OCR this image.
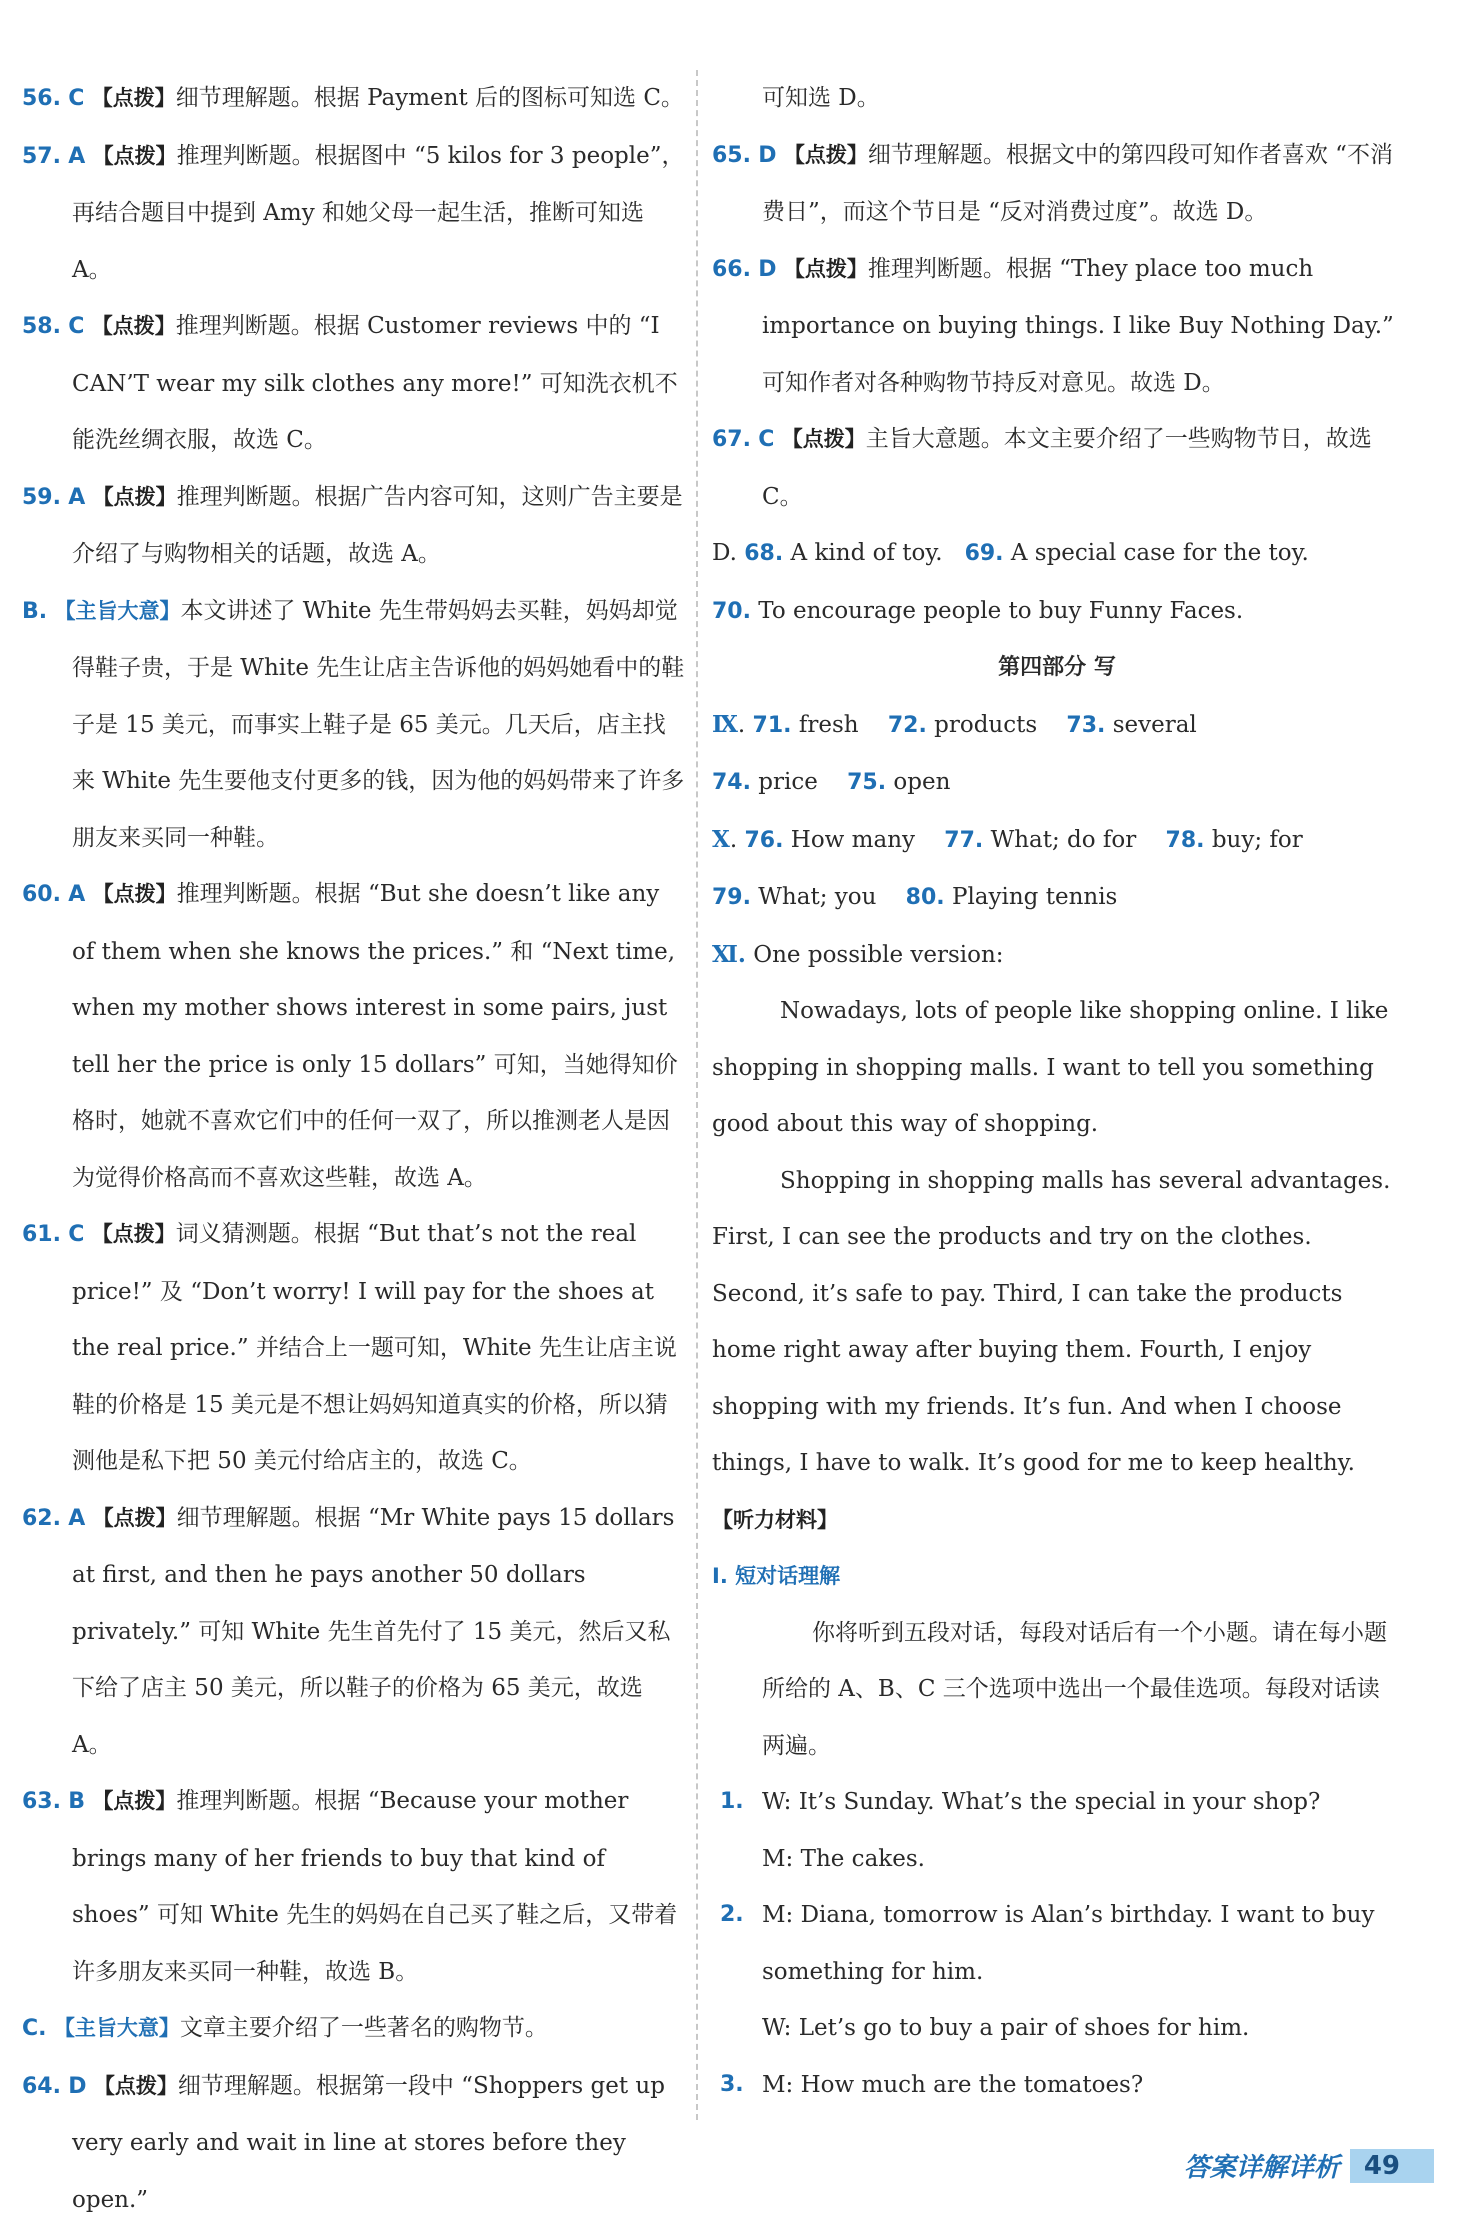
56. C 【点拨】细节理解题。根据 Payment 后的图标可知选 C。

57. A 【点拨】推理判断题。根据图中 “5 kilos for 3 people”，再结合题目中提到 Amy 和她父母一起生活，推断可知选 A。

58. C 【点拨】推理判断题。根据 Customer reviews 中的 “I CAN’T wear my silk clothes any more!” 可知洗衣机不能洗丝绸衣服，故选 C。

59. A 【点拨】推理判断题。根据广告内容可知，这则广告主要是介绍了与购物相关的话题，故选 A。

B. 【主旨大意】本文讲述了 White 先生带妈妈去买鞋，妈妈却觉得鞋子贵，于是 White 先生让店主告诉他的妈妈她看中的鞋子是 15 美元，而事实上鞋子是 65 美元。几天后，店主找来 White 先生要他支付更多的钱，因为他的妈妈带来了许多朋友来买同一种鞋。

60. A 【点拨】推理判断题。根据 “But she doesn’t like any of them when she knows the prices.” 和 “Next time, when my mother shows interest in some pairs, just tell her the price is only 15 dollars” 可知，当她得知价格时，她就不喜欢它们中的任何一双了，所以推测老人是因为觉得价格高而不喜欢这些鞋，故选 A。

61. C 【点拨】词义猜测题。根据 “But that’s not the real price!” 及 “Don’t worry! I will pay for the shoes at the real price.” 并结合上一题可知，White 先生让店主说鞋的价格是 15 美元是不想让妈妈知道真实的价格，所以猜测他是私下把 50 美元付给店主的，故选 C。

62. A 【点拨】细节理解题。根据 “Mr White pays 15 dollars at first, and then he pays another 50 dollars privately.” 可知 White 先生首先付了 15 美元，然后又私下给了店主 50 美元，所以鞋子的价格为 65 美元，故选 A。

63. B 【点拨】推理判断题。根据 “Because your mother brings many of her friends to buy that kind of shoes” 可知 White 先生的妈妈在自己买了鞋之后，又带着许多朋友来买同一种鞋，故选 B。

C. 【主旨大意】文章主要介绍了一些著名的购物节。

64. D 【点拨】细节理解题。根据第一段中 “Shoppers get up very early and wait in line at stores before they open.”

可知选 D。

65. D 【点拨】细节理解题。根据文中的第四段可知作者喜欢 “不消费日”，而这个节日是 “反对消费过度”。故选 D。

66. D 【点拨】推理判断题。根据 “They place too much importance on buying things. I like Buy Nothing Day.” 可知作者对各种购物节持反对意见。故选 D。

67. C 【点拨】主旨大意题。本文主要介绍了一些购物节日，故选 C。

D. 68. A kind of toy. 69. A special case for the toy.

70. To encourage people to buy Funny Faces.

第四部分 写

Ⅸ. 71. fresh 72. products 73. several

74. price 75. open

Ⅹ. 76. How many 77. What; do for 78. buy; for

79. What; you 80. Playing tennis

Ⅺ. One possible version:

Nowadays, lots of people like shopping online. I like shopping in shopping malls. I want to tell you something good about this way of shopping.

Shopping in shopping malls has several advantages. First, I can see the products and try on the clothes. Second, it’s safe to pay. Third, I can take the products home right away after buying them. Fourth, I enjoy shopping with my friends. It’s fun. And when I choose things, I have to walk. It’s good for me to keep healthy.

【听力材料】

Ⅰ. 短对话理解

你将听到五段对话，每段对话后有一个小题。请在每小题所给的 A、B、C 三个选项中选出一个最佳选项。每段对话读两遍。

1. W: It’s Sunday. What’s the special in your shop?

M: The cakes.

2. M: Diana, tomorrow is Alan’s birthday. I want to buy something for him.

W: Let’s go to buy a pair of shoes for him.

3. M: How much are the tomatoes?

答案详解详析 49
